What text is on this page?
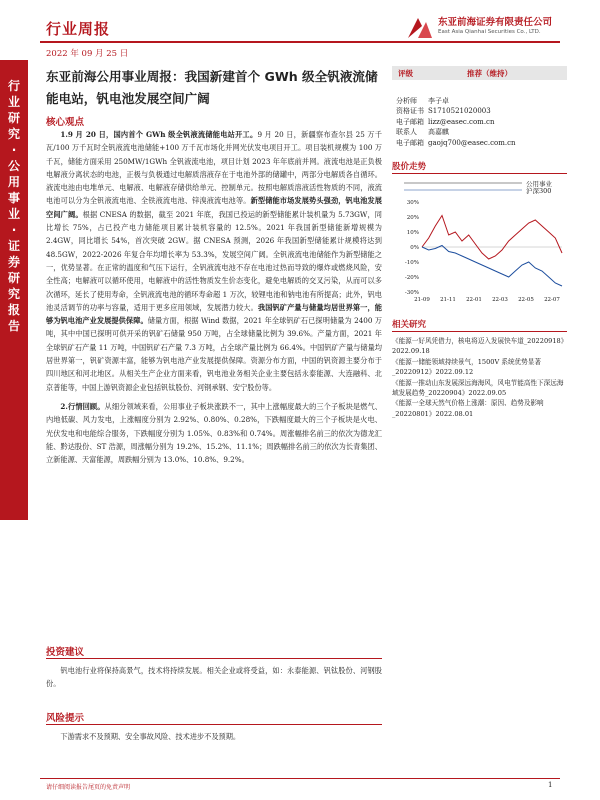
行业周报
2022 年 09 月 25 日
东亚前海证券有限责任公司
East Asia Qianhai Securities Co., LTD.
行
业
研
究
·
公
用
事
业
·
证
券
研
究
报
告
东亚前海公用事业周报：我国新建首个 GWh 级全钒液流储能电站，钒电池发展空间广阔
核心观点

1.9 月 20 日，国内首个 GWh 级全钒液流储能电站开工。9 月 20 日，新疆察布查尔县 25 万千瓦/100 万千瓦时全钒液流电池储能+100 万千瓦市场化并网光伏发电项目开工。项目装机规模为 100 万千瓦，储能方面采用 250MW/1GWh 全钒液流电池，项目计划 2023 年年底前并网。液流电池是正负极电解液分离状态的电池，正极与负极通过电解质溶液存在于电池外部的储罐中，两部分电解质各自循环。液流电池由电堆单元、电解液、电解液存储供给单元、控制单元。按照电解质溶液活性物质的不同，液流电池可以分为全钒液流电池、全铁液流电池、锌溴液流电池等。新型储能市场发展势头强劲，钒电池发展空间广阔。根据 CNESA 的数据，截至 2021 年底，我国已投运的新型储能累计装机量为 5.73GW，同比增长 75%，占已投产电力储能项目累计装机容量的 12.5%。2021 年我国新型储能新增规模为 2.4GW，同比增长 54%，首次突破 2GW。据 CNESA 预测，2026 年我国新型储能累计规模将达到 48.5GW，2022-2026 年复合年均增长率为 53.3%，发展空间广阔。全钒液流电池储能作为新型储能之一，优势显著。在正常的温度和气压下运行，全钒液流电池不存在电池过热而导致的爆炸或燃烧风险，安全性高；电解液可以循环使用，电解液中的活性物质发生价态变化，避免电解质的交叉污染，从而可以多次循环，延长了使用寿命，全钒液流电池的循环寿命超 1 万次，较锂电池和钠电池有所提高；此外，钒电池灵活调节的功率与容量，适用于更多应用领域，发展潜力较大。我国钒矿产量与储量均居世界第一，能够为钒电池产业发展提供保障。储量方面，根据 Wind 数据，2021 年全球钒矿石已探明储量为 2400 万吨，其中中国已探明可供开采的钒矿石储量 950 万吨，占全球储量比例为 39.6%。产量方面，2021 年全球钒矿石产量 11 万吨，中国钒矿石产量 7.3 万吨，占全球产量比例为 66.4%。中国钒矿产量与储量均居世界第一，钒矿资源丰富，能够为钒电池产业发展提供保障。资源分布方面，中国的钒资源主要分布于四川地区和河北地区。从相关生产企业方面来看，钒电池业务相关企业主要包括永泰能源、大连融科、北京普能等，中国上游钒资源企业包括钒钛股份、河钢承钢、安宁股份等。

2.行情回顾。从细分领域来看，公用事业子板块涨跌不一，其中上涨幅度最大的三个子板块是燃气、内地低碳、风力发电，上涨幅度分别为 2.92%、0.80%、0.28%，下跌幅度最大的三个子板块是火电、光伏发电和电能综合服务，下跌幅度分别为 1.05%、0.83%和 0.74%。周涨幅排名前三的依次为德龙汇能、黔达股份、ST 浩源，周涨幅分别为 19.2%、15.2%、11.1%；周跌幅排名前三的依次为长青集团、立新能源、天富能源，周跌幅分别为 13.0%、10.8%、9.2%。

投资建议

钒电池行业将保持高景气，技术将持续发展。相关企业或将受益，如：永泰能源、钒钛股份、河钢股份。

风险提示

下游需求不及预期、安全事故风险、技术进步不及预期。

评级	推荐（维持）
分析师	李子卓
资格证书	S1710521020003
电子邮箱	lizz@easec.com.cn
联系人	高嘉麒
电子邮箱	gaojq700@easec.com.cn
股价走势
公用事业
沪深300
30%
20%
10%
0%
-10%
-20%
-30%
21-09 21-11 22-01 22-03 22-05 22-07
相关研究
《能源一好风凭借力，核电将迈入发展快车道_20220918》2022.09.18
《能源一储能领域持续景气，1500V 系统优势显著_20220912》2022.09.12
《能源一推动山东发展深远海海风，风电节能高性下深远海域发展趋势_20220904》2022.09.05
《能源一全球天然气价格上涨潮：原因、趋势及影响_20220801》2022.08.01
请仔细阅读报告尾页的免责声明	1
